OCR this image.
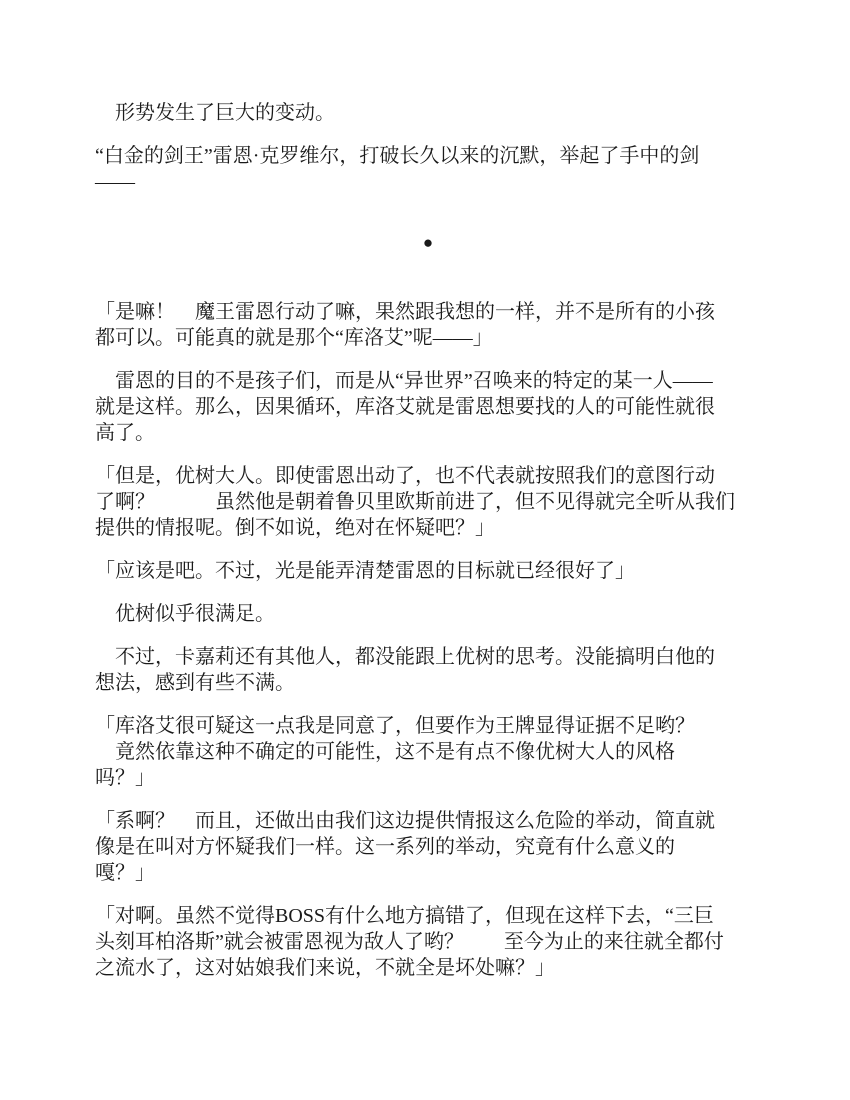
　形势发生了巨大的变动。
“白金的剑王”雷恩·克罗维尔，打破长久以来的沉默，举起了手中的剑
——
●
「是嘛！　魔王雷恩行动了嘛，果然跟我想的一样，并不是所有的小孩
都可以。可能真的就是那个“库洛艾”呢——」
　雷恩的目的不是孩子们，而是从“异世界”召唤来的特定的某一人——
就是这样。那么，因果循环，库洛艾就是雷恩想要找的人的可能性就很
高了。
「但是，优树大人。即使雷恩出动了，也不代表就按照我们的意图行动
了啊？　　　虽然他是朝着鲁贝里欧斯前进了，但不见得就完全听从我们
提供的情报呢。倒不如说，绝对在怀疑吧？」
「应该是吧。不过，光是能弄清楚雷恩的目标就已经很好了」
　优树似乎很满足。
　不过，卡嘉莉还有其他人，都没能跟上优树的思考。没能搞明白他的
想法，感到有些不满。
「库洛艾很可疑这一点我是同意了，但要作为王牌显得证据不足哟？
　竟然依靠这种不确定的可能性，这不是有点不像优树大人的风格
吗？」
「系啊？　而且，还做出由我们这边提供情报这么危险的举动，简直就
像是在叫对方怀疑我们一样。这一系列的举动，究竟有什么意义的
嘎？」
「对啊。虽然不觉得BOSS有什么地方搞错了，但现在这样下去，“三巨
头刻耳柏洛斯”就会被雷恩视为敌人了哟？　　至今为止的来往就全都付
之流水了，这对姑娘我们来说，不就全是坏处嘛？」
